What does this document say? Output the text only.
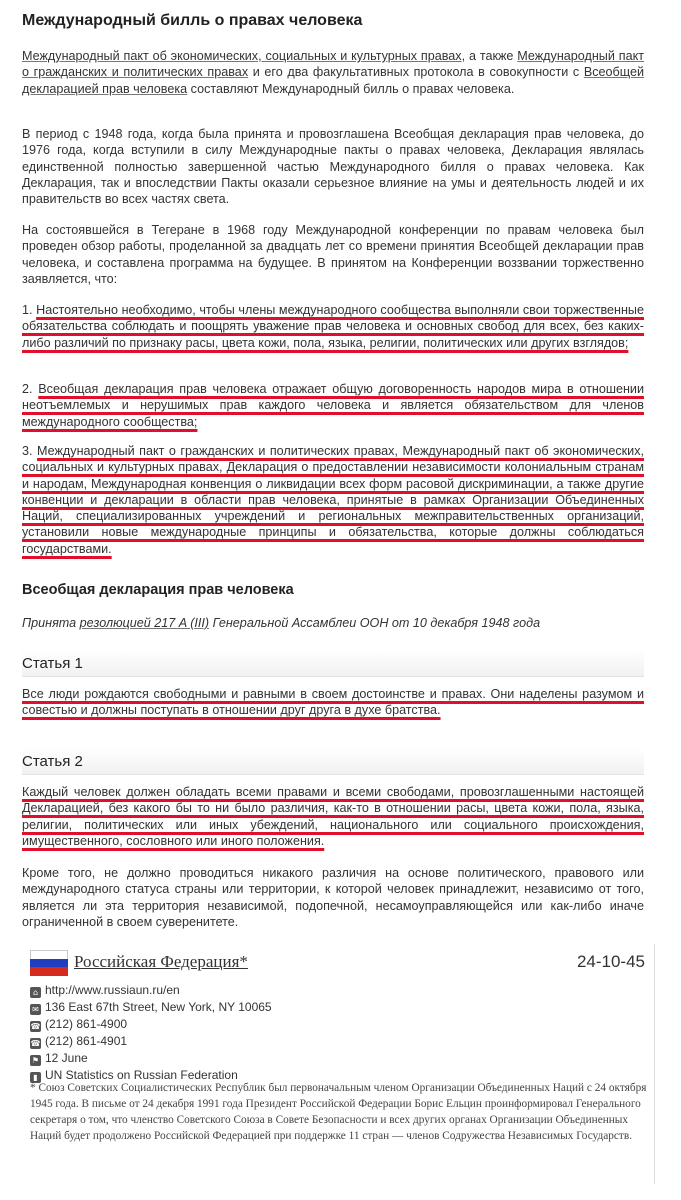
Международный билль о правах человека

Международный пакт об экономических, социальных и культурных правах, а также Международный пакт о гражданских и политических правах и его два факультативных протокола в совокупности с Всеобщей декларацией прав человека составляют Международный билль о правах человека.

В период с 1948 года, когда была принята и провозглашена Всеобщая декларация прав человека, до 1976 года, когда вступили в силу Международные пакты о правах человека, Декларация являлась единственной полностью завершенной частью Международного билля о правах человека. Как Декларация, так и впоследствии Пакты оказали серьезное влияние на умы и деятельность людей и их правительств во всех частях света.

На состоявшейся в Тегеране в 1968 году Международной конференции по правам человека был проведен обзор работы, проделанной за двадцать лет со времени принятия Всеобщей декларации прав человека, и составлена программа на будущее. В принятом на Конференции воззвании торжественно заявляется, что:

1. Настоятельно необходимо, чтобы члены международного сообщества выполняли свои торжественные обязательства соблюдать и поощрять уважение прав человека и основных свобод для всех, без каких-либо различий по признаку расы, цвета кожи, пола, языка, религии, политических или других взглядов;

2. Всеобщая декларация прав человека отражает общую договоренность народов мира в отношении неотъемлемых и нерушимых прав каждого человека и является обязательством для членов международного сообщества;

3. Международный пакт о гражданских и политических правах, Международный пакт об экономических, социальных и культурных правах, Декларация о предоставлении независимости колониальным странам и народам, Международная конвенция о ликвидации всех форм расовой дискриминации, а также другие конвенции и декларации в области прав человека, принятые в рамках Организации Объединенных Наций, специализированных учреждений и региональных межправительственных организаций, установили новые международные принципы и обязательства, которые должны соблюдаться государствами.

Всеобщая декларация прав человека
Принята резолюцией 217 A (III) Генеральной Ассамблеи ООН от 10 декабря 1948 года
Статья 1

Все люди рождаются свободными и равными в своем достоинстве и правах. Они наделены разумом и совестью и должны поступать в отношении друг друга в духе братства.

Статья 2

Каждый человек должен обладать всеми правами и всеми свободами, провозглашенными настоящей Декларацией, без какого бы то ни было различия, как-то в отношении расы, цвета кожи, пола, языка, религии, политических или иных убеждений, национального или социального происхождения, имущественного, сословного или иного положения.

Кроме того, не должно проводиться никакого различия на основе политического, правового или международного статуса страны или территории, к которой человек принадлежит, независимо от того, является ли эта территория независимой, подопечной, несамоуправляющейся или как-либо иначе ограниченной в своем суверенитете.

Российская Федерация*	24-10-45
⌂ http://www.russiaun.ru/en
✉ 136 East 67th Street, New York, NY 10065
☎ (212) 861-4900
☎ (212) 861-4901
⚑ 12 June
▮ UN Statistics on Russian Federation
* Союз Советских Социалистических Республик был первоначальным членом Организации Объединенных Наций с 24 октября 1945 года. В письме от 24 декабря 1991 года Президент Российской Федерации Борис Ельцин проинформировал Генерального секретаря о том, что членство Советского Союза в Совете Безопасности и всех других органах Организации Объединенных Наций будет продолжено Российской Федерацией при поддержке 11 стран — членов Содружества Независимых Государств.
